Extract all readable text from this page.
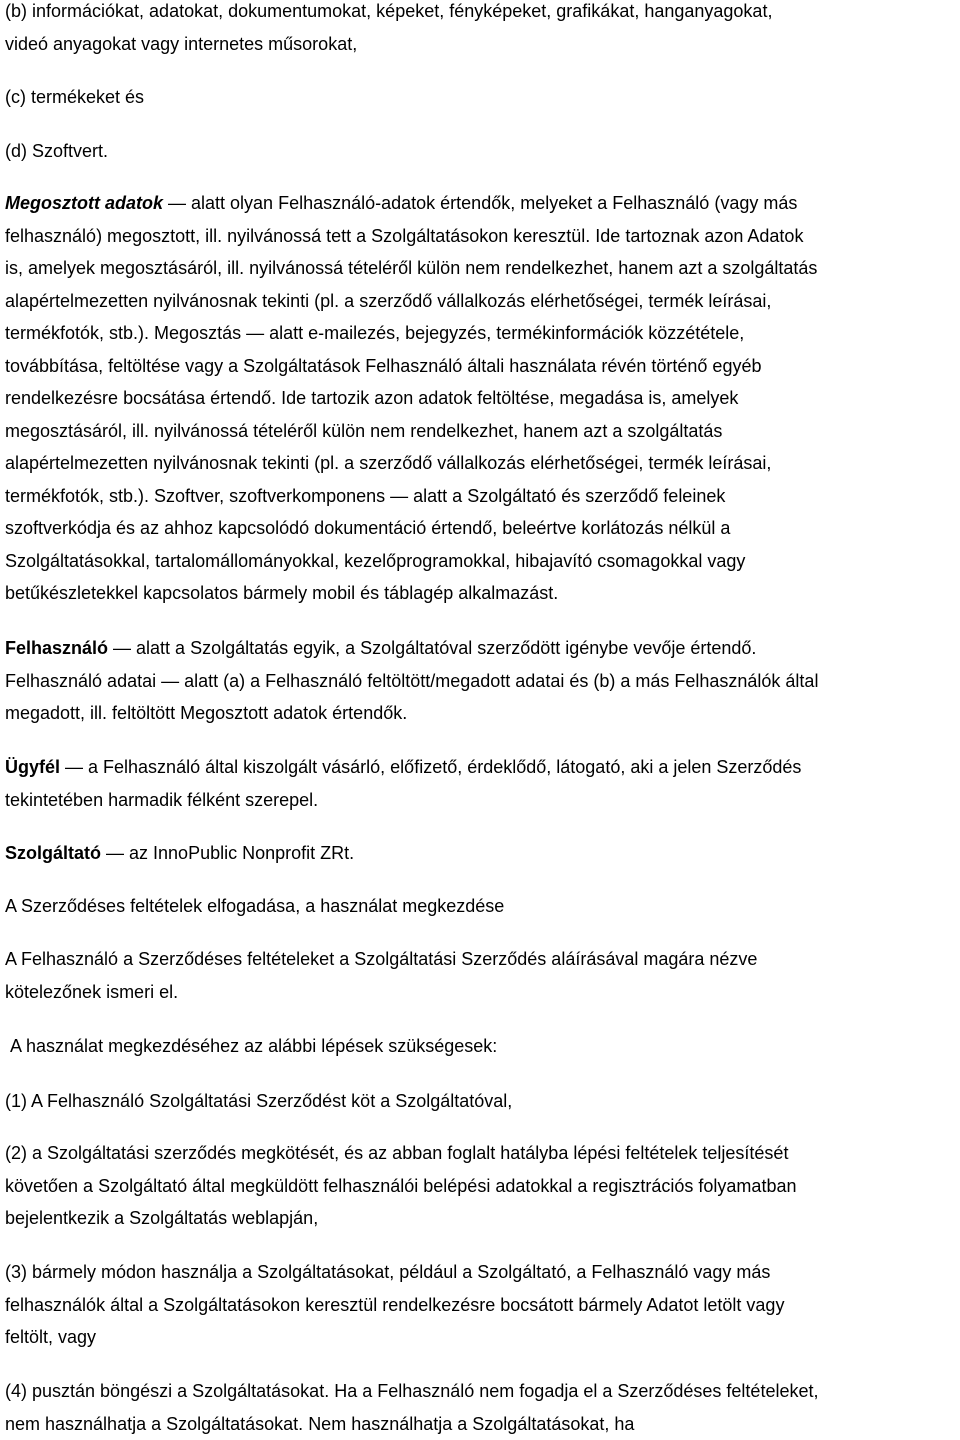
(b) információkat, adatokat, dokumentumokat, képeket, fényképeket, grafikákat, hanganyagokat,
videó anyagokat vagy internetes műsorokat,
(c) termékeket és
(d) Szoftvert.
Megosztott adatok — alatt olyan Felhasználó-adatok értendők, melyeket a Felhasználó (vagy más
felhasználó) megosztott, ill. nyilvánossá tett a Szolgáltatásokon keresztül. Ide tartoznak azon Adatok
is, amelyek megosztásáról, ill. nyilvánossá tételéről külön nem rendelkezhet, hanem azt a szolgáltatás
alapértelmezetten nyilvánosnak tekinti (pl. a szerződő vállalkozás elérhetőségei, termék leírásai,
termékfotók, stb.). Megosztás — alatt e-mailezés, bejegyzés, termékinformációk közzététele,
továbbítása, feltöltése vagy a Szolgáltatások Felhasználó általi használata révén történő egyéb
rendelkezésre bocsátása értendő. Ide tartozik azon adatok feltöltése, megadása is, amelyek
megosztásáról, ill. nyilvánossá tételéről külön nem rendelkezhet, hanem azt a szolgáltatás
alapértelmezetten nyilvánosnak tekinti (pl. a szerződő vállalkozás elérhetőségei, termék leírásai,
termékfotók, stb.). Szoftver, szoftverkomponens — alatt a Szolgáltató és szerződő feleinek
szoftverkódja és az ahhoz kapcsolódó dokumentáció értendő, beleértve korlátozás nélkül a
Szolgáltatásokkal, tartalomállományokkal, kezelőprogramokkal, hibajavító csomagokkal vagy
betűkészletekkel kapcsolatos bármely mobil és táblagép alkalmazást.
Felhasználó — alatt a Szolgáltatás egyik, a Szolgáltatóval szerződött igénybe vevője értendő.
Felhasználó adatai — alatt (a) a Felhasználó feltöltött/megadott adatai és (b) a más Felhasználók által
megadott, ill. feltöltött Megosztott adatok értendők.
Ügyfél — a Felhasználó által kiszolgált vásárló, előfizető, érdeklődő, látogató, aki a jelen Szerződés
tekintetében harmadik félként szerepel.
Szolgáltató — az InnoPublic Nonprofit ZRt.
A Szerződéses feltételek elfogadása, a használat megkezdése
A Felhasználó a Szerződéses feltételeket a Szolgáltatási Szerződés aláírásával magára nézve
kötelezőnek ismeri el.
A használat megkezdéséhez az alábbi lépések szükségesek:
(1) A Felhasználó Szolgáltatási Szerződést köt a Szolgáltatóval,
(2) a Szolgáltatási szerződés megkötését, és az abban foglalt hatályba lépési feltételek teljesítését
követően a Szolgáltató által megküldött felhasználói belépési adatokkal a regisztrációs folyamatban
bejelentkezik a Szolgáltatás weblapján,
(3) bármely módon használja a Szolgáltatásokat, például a Szolgáltató, a Felhasználó vagy más
felhasználók által a Szolgáltatásokon keresztül rendelkezésre bocsátott bármely Adatot letölt vagy
feltölt, vagy
(4) pusztán böngészi a Szolgáltatásokat. Ha a Felhasználó nem fogadja el a Szerződéses feltételeket,
nem használhatja a Szolgáltatásokat. Nem használhatja a Szolgáltatásokat, ha
